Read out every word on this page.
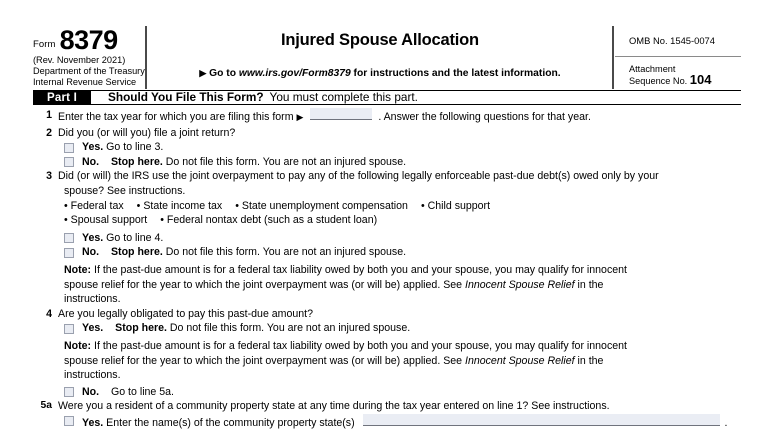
Form 8379
(Rev. November 2021)
Department of the Treasury
Internal Revenue Service
Injured Spouse Allocation
▶ Go to www.irs.gov/Form8379 for instructions and the latest information.
OMB No. 1545-0074
Attachment
Sequence No. 104
Part I	Should You File This Form? You must complete this part.
1 Enter the tax year for which you are filing this form ▶	. Answer the following questions for that year.
2 Did you (or will you) file a joint return?
Yes. Go to line 3.
No. Stop here. Do not file this form. You are not an injured spouse.
3 Did (or will) the IRS use the joint overpayment to pay any of the following legally enforceable past-due debt(s) owed only by your
spouse? See instructions.
• Federal tax • State income tax • State unemployment compensation • Child support
• Spousal support • Federal nontax debt (such as a student loan)
Yes. Go to line 4.
No. Stop here. Do not file this form. You are not an injured spouse.
Note: If the past-due amount is for a federal tax liability owed by both you and your spouse, you may qualify for innocent
spouse relief for the year to which the joint overpayment was (or will be) applied. See Innocent Spouse Relief in the
instructions.
4 Are you legally obligated to pay this past-due amount?
Yes. Stop here. Do not file this form. You are not an injured spouse.
Note: If the past-due amount is for a federal tax liability owed by both you and your spouse, you may qualify for innocent
spouse relief for the year to which the joint overpayment was (or will be) applied. See Innocent Spouse Relief in the
instructions.
No. Go to line 5a.
5a Were you a resident of a community property state at any time during the tax year entered on line 1? See instructions.
Yes. Enter the name(s) of the community property state(s)	.
